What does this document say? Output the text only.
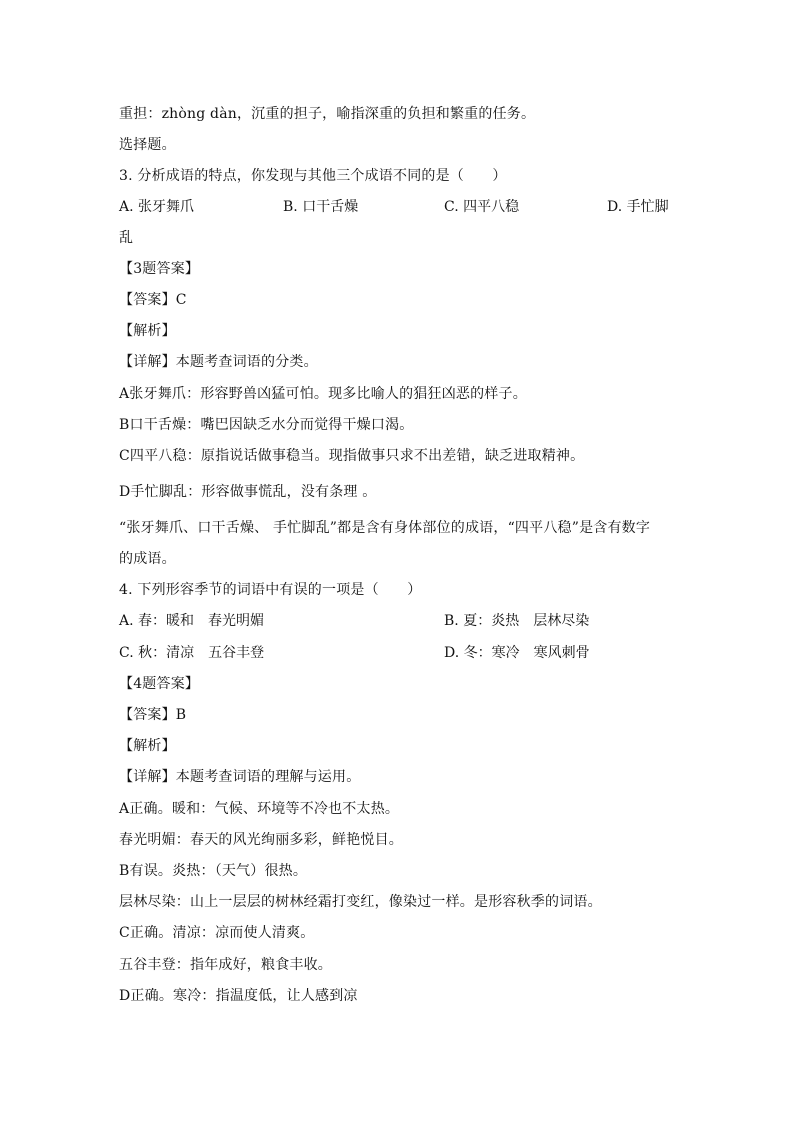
重担：zhòng dàn，沉重的担子，喻指深重的负担和繁重的任务。
选择题。
3. 分析成语的特点，你发现与其他三个成语不同的是（　　）
A. 张牙舞爪	B. 口干舌燥	C. 四平八稳	D. 手忙脚
乱
【3题答案】
【答案】C
【解析】
【详解】本题考查词语的分类。
A张牙舞爪：形容野兽凶猛可怕。现多比喻人的猖狂凶恶的样子。
B口干舌燥：嘴巴因缺乏水分而觉得干燥口渴。
C四平八稳：原指说话做事稳当。现指做事只求不出差错，缺乏进取精神。
D手忙脚乱：形容做事慌乱，没有条理 。
“张牙舞爪、口干舌燥、 手忙脚乱”都是含有身体部位的成语，“四平八稳”是含有数字
的成语。
4. 下列形容季节的词语中有误的一项是（　　）
A. 春：暖和　春光明媚	B. 夏：炎热　层林尽染
C. 秋：清凉　五谷丰登	D. 冬：寒冷　寒风刺骨
【4题答案】
【答案】B
【解析】
【详解】本题考查词语的理解与运用。
A正确。暖和：气候、环境等不冷也不太热。
春光明媚：春天的风光绚丽多彩，鲜艳悦目。
B有误。炎热：（天气）很热。
层林尽染：山上一层层的树林经霜打变红，像染过一样。是形容秋季的词语。
C正确。清凉：凉而使人清爽。
五谷丰登：指年成好，粮食丰收。
D正确。寒冷：指温度低，让人感到凉
